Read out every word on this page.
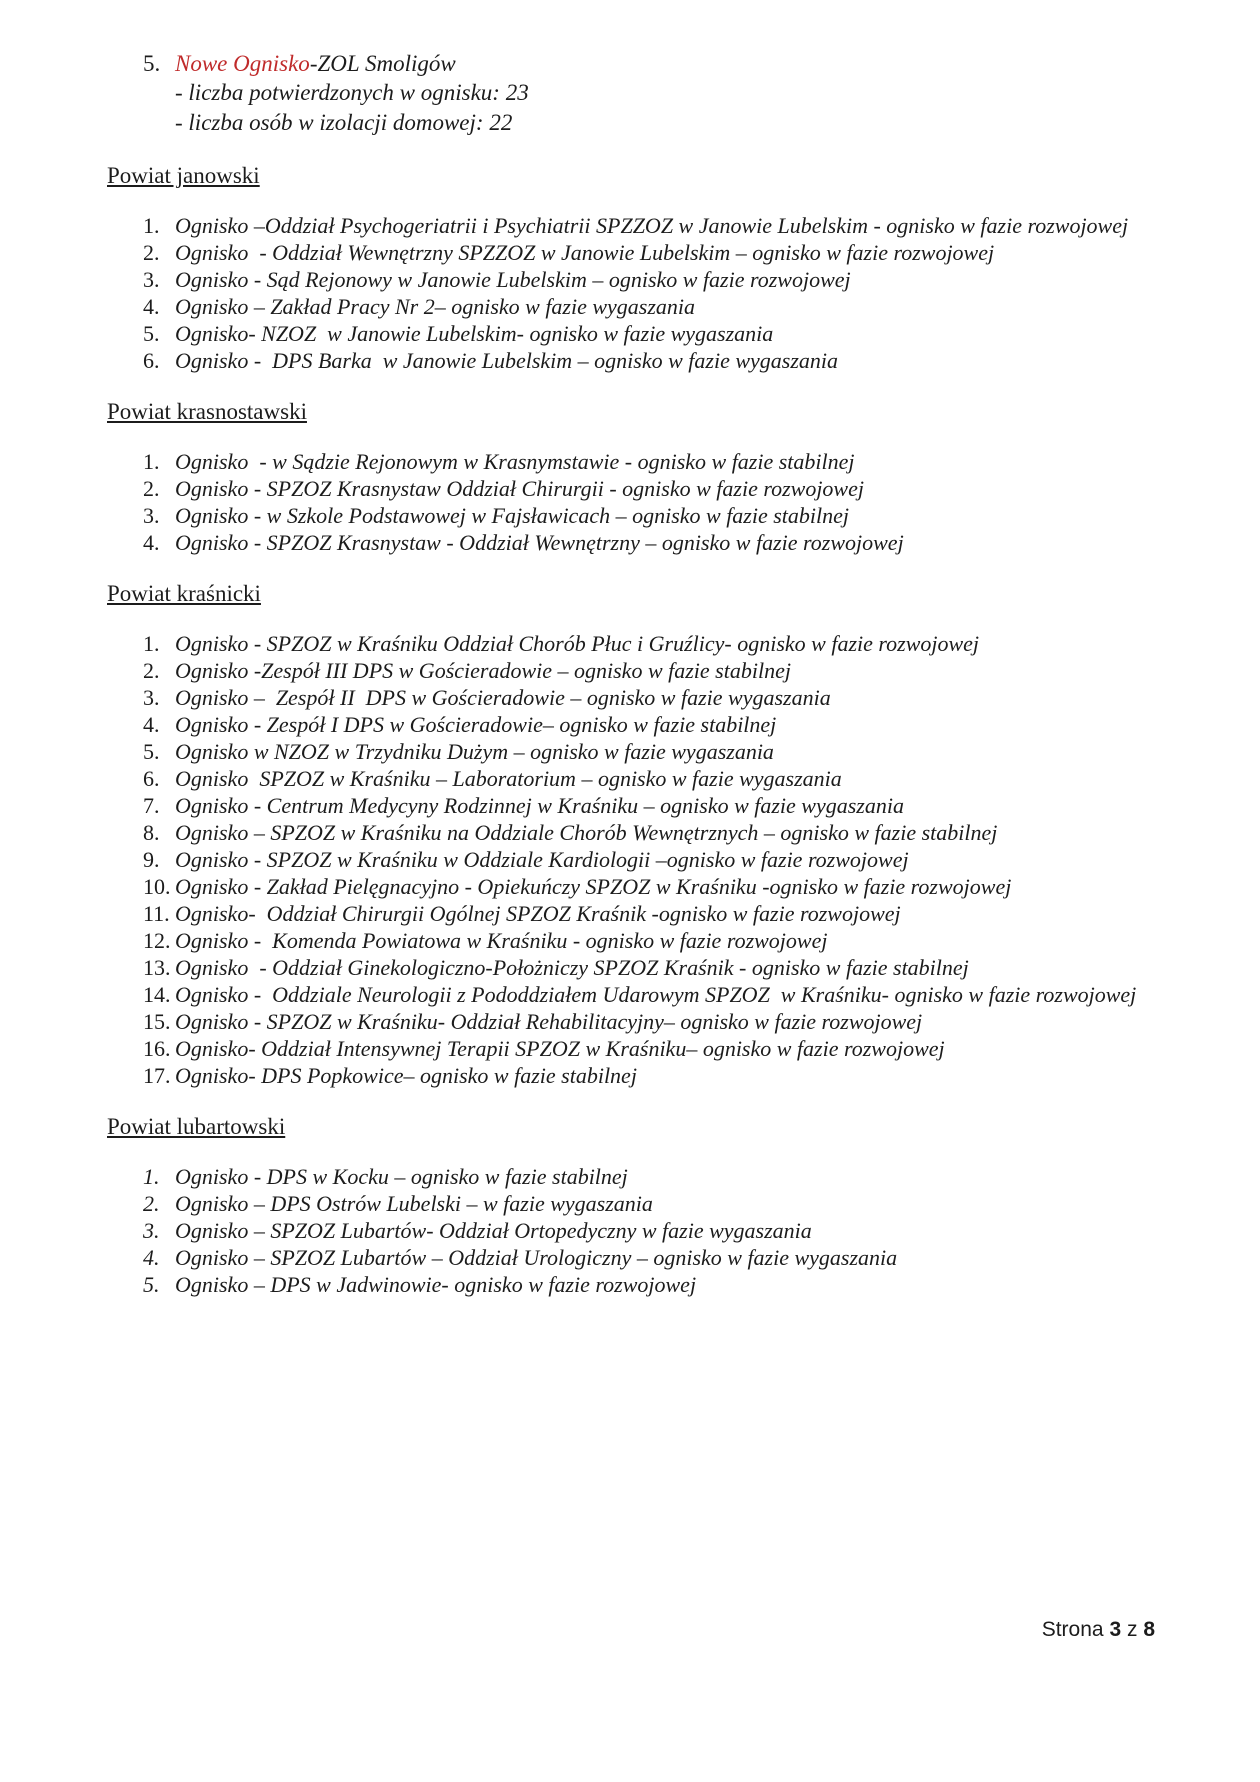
5. Nowe Ognisko-ZOL Smoligów
- liczba potwierdzonych w ognisku: 23
- liczba osób w izolacji domowej: 22
Powiat janowski
1. Ognisko –Oddział Psychogeriatrii i Psychiatrii SPZZOZ w Janowie Lubelskim - ognisko w fazie rozwojowej
2. Ognisko  - Oddział Wewnętrzny SPZZOZ w Janowie Lubelskim – ognisko w fazie rozwojowej
3. Ognisko - Sąd Rejonowy w Janowie Lubelskim – ognisko w fazie rozwojowej
4. Ognisko – Zakład Pracy Nr 2– ognisko w fazie wygaszania
5. Ognisko- NZOZ  w Janowie Lubelskim- ognisko w fazie wygaszania
6. Ognisko -  DPS Barka  w Janowie Lubelskim – ognisko w fazie wygaszania
Powiat krasnostawski
1. Ognisko  - w Sądzie Rejonowym w Krasnymstawie - ognisko w fazie stabilnej
2. Ognisko - SPZOZ Krasnystaw Oddział Chirurgii - ognisko w fazie rozwojowej
3. Ognisko - w Szkole Podstawowej w Fajsławicach – ognisko w fazie stabilnej
4. Ognisko - SPZOZ Krasnystaw - Oddział Wewnętrzny – ognisko w fazie rozwojowej
Powiat kraśnicki
1. Ognisko - SPZOZ w Kraśniku Oddział Chorób Płuc i Gruźlicy- ognisko w fazie rozwojowej
2. Ognisko -Zespół III DPS w Gościeradowie – ognisko w fazie stabilnej
3. Ognisko –  Zespół II  DPS w Gościeradowie – ognisko w fazie wygaszania
4. Ognisko - Zespół I DPS w Gościeradowie– ognisko w fazie stabilnej
5. Ognisko w NZOZ w Trzydniku Dużym – ognisko w fazie wygaszania
6. Ognisko  SPZOZ w Kraśniku – Laboratorium – ognisko w fazie wygaszania
7. Ognisko - Centrum Medycyny Rodzinnej w Kraśniku – ognisko w fazie wygaszania
8. Ognisko – SPZOZ w Kraśniku na Oddziale Chorób Wewnętrznych – ognisko w fazie stabilnej
9. Ognisko - SPZOZ w Kraśniku w Oddziale Kardiologii –ognisko w fazie rozwojowej
10. Ognisko - Zakład Pielęgnacyjno - Opiekuńczy SPZOZ w Kraśniku -ognisko w fazie rozwojowej
11. Ognisko-  Oddział Chirurgii Ogólnej SPZOZ Kraśnik -ognisko w fazie rozwojowej
12. Ognisko -  Komenda Powiatowa w Kraśniku - ognisko w fazie rozwojowej
13. Ognisko  - Oddział Ginekologiczno-Położniczy SPZOZ Kraśnik - ognisko w fazie stabilnej
14. Ognisko -  Oddziale Neurologii z Pododdziałem Udarowym SPZOZ  w Kraśniku- ognisko w fazie rozwojowej
15. Ognisko - SPZOZ w Kraśniku- Oddział Rehabilitacyjny– ognisko w fazie rozwojowej
16. Ognisko- Oddział Intensywnej Terapii SPZOZ w Kraśniku– ognisko w fazie rozwojowej
17. Ognisko- DPS Popkowice– ognisko w fazie stabilnej
Powiat lubartowski
1. Ognisko - DPS w Kocku – ognisko w fazie stabilnej
2. Ognisko – DPS Ostrów Lubelski – w fazie wygaszania
3. Ognisko – SPZOZ Lubartów- Oddział Ortopedyczny w fazie wygaszania
4. Ognisko – SPZOZ Lubartów – Oddział Urologiczny – ognisko w fazie wygaszania
5. Ognisko – DPS w Jadwinowie- ognisko w fazie rozwojowej
Strona 3 z 8
